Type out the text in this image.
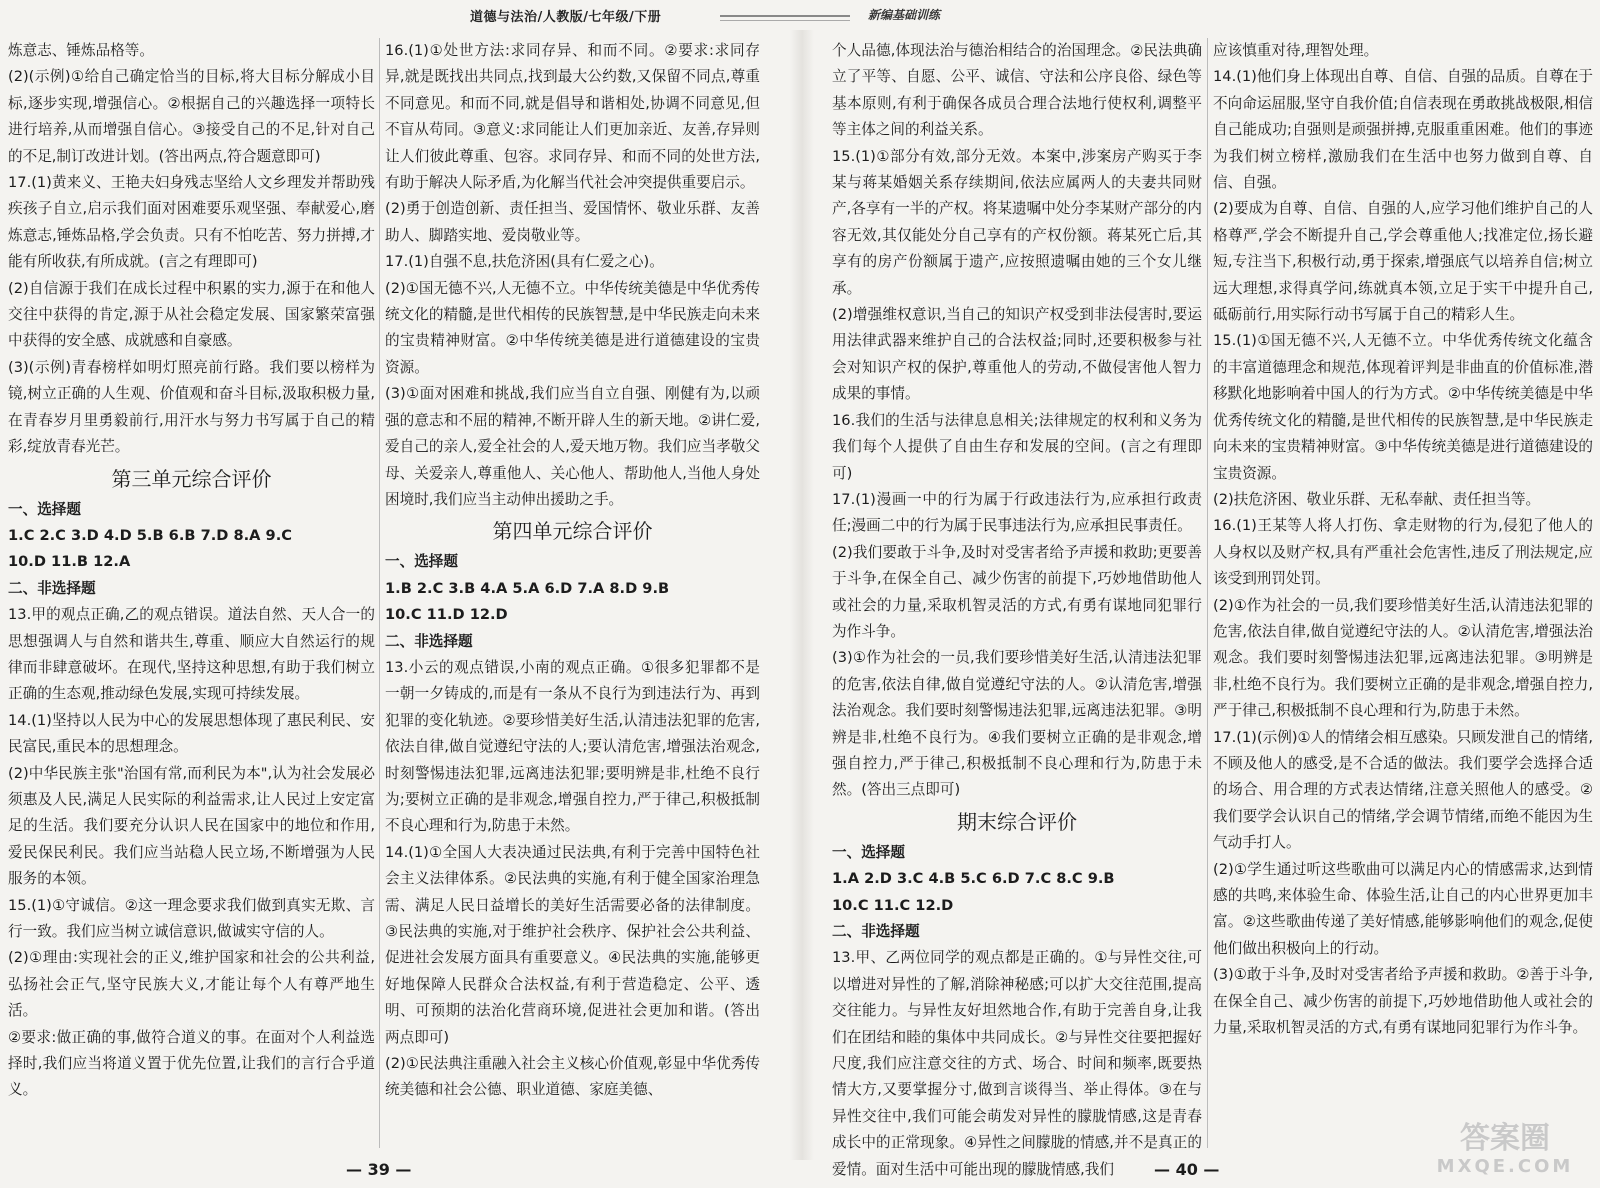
道德与法治/人教版/七年级/下册	新编基础训练

炼意志、锤炼品格等。

(2)(示例)①给自己确定恰当的目标,将大目标分解成小目标,逐步实现,增强信心。②根据自己的兴趣选择一项特长进行培养,从而增强自信心。③接受自己的不足,针对自己的不足,制订改进计划。(答出两点,符合题意即可)

17.(1)黄来义、王艳夫妇身残志坚给人文乡理发并帮助残疾孩子自立,启示我们面对困难要乐观坚强、奉献爱心,磨炼意志,锤炼品格,学会负责。只有不怕吃苦、努力拼搏,才能有所收获,有所成就。(言之有理即可)

(2)自信源于我们在成长过程中积累的实力,源于在和他人交往中获得的肯定,源于从社会稳定发展、国家繁荣富强中获得的安全感、成就感和自豪感。

(3)(示例)青春榜样如明灯照亮前行路。我们要以榜样为镜,树立正确的人生观、价值观和奋斗目标,汲取积极力量,在青春岁月里勇毅前行,用汗水与努力书写属于自己的精彩,绽放青春光芒。

第三单元综合评价

一、选择题

1.C 2.C 3.D 4.D 5.B 6.B 7.D 8.A 9.C

10.D 11.B 12.A

二、非选择题

13.甲的观点正确,乙的观点错误。道法自然、天人合一的思想强调人与自然和谐共生,尊重、顺应大自然运行的规律而非肆意破坏。在现代,坚持这种思想,有助于我们树立正确的生态观,推动绿色发展,实现可持续发展。

14.(1)坚持以人民为中心的发展思想体现了惠民利民、安民富民,重民本的思想理念。

(2)中华民族主张"治国有常,而利民为本",认为社会发展必须惠及人民,满足人民实际的利益需求,让人民过上安定富足的生活。我们要充分认识人民在国家中的地位和作用,爱民保民利民。我们应当站稳人民立场,不断增强为人民服务的本领。

15.(1)①守诚信。②这一理念要求我们做到真实无欺、言行一致。我们应当树立诚信意识,做诚实守信的人。

(2)①理由:实现社会的正义,维护国家和社会的公共利益,弘扬社会正气,坚守民族大义,才能让每个人有尊严地生活。

②要求:做正确的事,做符合道义的事。在面对个人利益选择时,我们应当将道义置于优先位置,让我们的言行合乎道义。

16.(1)①处世方法:求同存异、和而不同。②要求:求同存异,就是既找出共同点,找到最大公约数,又保留不同点,尊重不同意见。和而不同,就是倡导和谐相处,协调不同意见,但不盲从苟同。③意义:求同能让人们更加亲近、友善,存异则让人们彼此尊重、包容。求同存异、和而不同的处世方法,有助于解决人际矛盾,为化解当代社会冲突提供重要启示。

(2)勇于创造创新、责任担当、爱国情怀、敬业乐群、友善助人、脚踏实地、爱岗敬业等。

17.(1)自强不息,扶危济困(具有仁爱之心)。

(2)①国无德不兴,人无德不立。中华传统美德是中华优秀传统文化的精髓,是世代相传的民族智慧,是中华民族走向未来的宝贵精神财富。②中华传统美德是进行道德建设的宝贵资源。

(3)①面对困难和挑战,我们应当自立自强、刚健有为,以顽强的意志和不屈的精神,不断开辟人生的新天地。②讲仁爱,爱自己的亲人,爱全社会的人,爱天地万物。我们应当孝敬父母、关爱亲人,尊重他人、关心他人、帮助他人,当他人身处困境时,我们应当主动伸出援助之手。

第四单元综合评价

一、选择题

1.B 2.C 3.B 4.A 5.A 6.D 7.A 8.D 9.B

10.C 11.D 12.D

二、非选择题

13.小云的观点错误,小南的观点正确。①很多犯罪都不是一朝一夕铸成的,而是有一条从不良行为到违法行为、再到犯罪的变化轨迹。②要珍惜美好生活,认清违法犯罪的危害,依法自律,做自觉遵纪守法的人;要认清危害,增强法治观念,时刻警惕违法犯罪,远离违法犯罪;要明辨是非,杜绝不良行为;要树立正确的是非观念,增强自控力,严于律己,积极抵制不良心理和行为,防患于未然。

14.(1)①全国人大表决通过民法典,有利于完善中国特色社会主义法律体系。②民法典的实施,有利于健全国家治理急需、满足人民日益增长的美好生活需要必备的法律制度。③民法典的实施,对于维护社会秩序、保护社会公共利益、促进社会发展方面具有重要意义。④民法典的实施,能够更好地保障人民群众合法权益,有利于营造稳定、公平、透明、可预期的法治化营商环境,促进社会更加和谐。(答出两点即可)

(2)①民法典注重融入社会主义核心价值观,彰显中华优秀传统美德和社会公德、职业道德、家庭美德、

个人品德,体现法治与德治相结合的治国理念。②民法典确立了平等、自愿、公平、诚信、守法和公序良俗、绿色等基本原则,有利于确保各成员合理合法地行使权利,调整平等主体之间的利益关系。

15.(1)①部分有效,部分无效。本案中,涉案房产购买于李某与蒋某婚姻关系存续期间,依法应属两人的夫妻共同财产,各享有一半的产权。将某遗嘱中处分李某财产部分的内容无效,其仅能处分自己享有的产权份额。蒋某死亡后,其享有的房产份额属于遗产,应按照遗嘱由她的三个女儿继承。

(2)增强维权意识,当自己的知识产权受到非法侵害时,要运用法律武器来维护自己的合法权益;同时,还要积极参与社会对知识产权的保护,尊重他人的劳动,不做侵害他人智力成果的事情。

16.我们的生活与法律息息相关;法律规定的权利和义务为我们每个人提供了自由生存和发展的空间。(言之有理即可)

17.(1)漫画一中的行为属于行政违法行为,应承担行政责任;漫画二中的行为属于民事违法行为,应承担民事责任。

(2)我们要敢于斗争,及时对受害者给予声援和救助;更要善于斗争,在保全自己、减少伤害的前提下,巧妙地借助他人或社会的力量,采取机智灵活的方式,有勇有谋地同犯罪行为作斗争。

(3)①作为社会的一员,我们要珍惜美好生活,认清违法犯罪的危害,依法自律,做自觉遵纪守法的人。②认清危害,增强法治观念。我们要时刻警惕违法犯罪,远离违法犯罪。③明辨是非,杜绝不良行为。④我们要树立正确的是非观念,增强自控力,严于律己,积极抵制不良心理和行为,防患于未然。(答出三点即可)

期末综合评价

一、选择题

1.A 2.D 3.C 4.B 5.C 6.D 7.C 8.C 9.B

10.C 11.C 12.D

二、非选择题

13.甲、乙两位同学的观点都是正确的。①与异性交往,可以增进对异性的了解,消除神秘感;可以扩大交往范围,提高交往能力。与异性友好坦然地合作,有助于完善自身,让我们在团结和睦的集体中共同成长。②与异性交往要把握好尺度,我们应注意交往的方式、场合、时间和频率,既要热情大方,又要掌握分寸,做到言谈得当、举止得体。③在与异性交往中,我们可能会萌发对异性的朦胧情感,这是青春成长中的正常现象。④异性之间朦胧的情感,并不是真正的爱情。面对生活中可能出现的朦胧情感,我们

应该慎重对待,理智处理。

14.(1)他们身上体现出自尊、自信、自强的品质。自尊在于不向命运屈服,坚守自我价值;自信表现在勇敢挑战极限,相信自己能成功;自强则是顽强拼搏,克服重重困难。他们的事迹为我们树立榜样,激励我们在生活中也努力做到自尊、自信、自强。

(2)要成为自尊、自信、自强的人,应学习他们维护自己的人格尊严,学会不断提升自己,学会尊重他人;找准定位,扬长避短,专注当下,积极行动,勇于探索,增强底气以培养自信;树立远大理想,求得真学问,练就真本领,立足于实干中提升自己,砥砺前行,用实际行动书写属于自己的精彩人生。

15.(1)①国无德不兴,人无德不立。中华优秀传统文化蕴含的丰富道德理念和规范,体现着评判是非曲直的价值标准,潜移默化地影响着中国人的行为方式。②中华传统美德是中华优秀传统文化的精髓,是世代相传的民族智慧,是中华民族走向未来的宝贵精神财富。③中华传统美德是进行道德建设的宝贵资源。

(2)扶危济困、敬业乐群、无私奉献、责任担当等。

16.(1)王某等人将人打伤、拿走财物的行为,侵犯了他人的人身权以及财产权,具有严重社会危害性,违反了刑法规定,应该受到刑罚处罚。

(2)①作为社会的一员,我们要珍惜美好生活,认清违法犯罪的危害,依法自律,做自觉遵纪守法的人。②认清危害,增强法治观念。我们要时刻警惕违法犯罪,远离违法犯罪。③明辨是非,杜绝不良行为。我们要树立正确的是非观念,增强自控力,严于律己,积极抵制不良心理和行为,防患于未然。

17.(1)(示例)①人的情绪会相互感染。只顾发泄自己的情绪,不顾及他人的感受,是不合适的做法。我们要学会选择合适的场合、用合理的方式表达情绪,注意关照他人的感受。②我们要学会认识自己的情绪,学会调节情绪,而绝不能因为生气动手打人。

(2)①学生通过听这些歌曲可以满足内心的情感需求,达到情感的共鸣,来体验生命、体验生活,让自己的内心世界更加丰富。②这些歌曲传递了美好情感,能够影响他们的观念,促使他们做出积极向上的行动。

(3)①敢于斗争,及时对受害者给予声援和救助。②善于斗争,在保全自己、减少伤害的前提下,巧妙地借助他人或社会的力量,采取机智灵活的方式,有勇有谋地同犯罪行为作斗争。

— 39 —	— 40 —
答案圈
MXQE.COM
